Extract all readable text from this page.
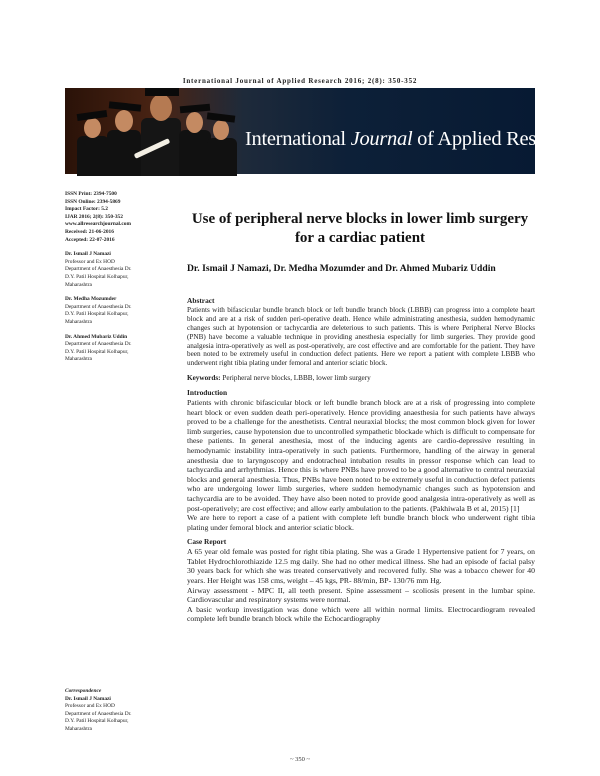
International Journal of Applied Research 2016; 2(8): 350-352
International Journal of Applied Research
ISSN Print: 2394-7500
ISSN Online: 2394-5869
Impact Factor: 5.2
IJAR 2016; 2(8): 350-352
www.allresearchjournal.com
Received: 21-06-2016
Accepted: 22-07-2016
Dr. Ismail J Namazi
Professor and Ex HOD
Department of Anaesthesia Dr.
D.Y. Patil Hospital Kolhapur,
Maharashtra
Dr. Medha Mozumder
Department of Anaesthesia Dr.
D.Y. Patil Hospital Kolhapur,
Maharashtra
Dr. Ahmed Mubariz Uddin
Department of Anaesthesia Dr.
D.Y. Patil Hospital Kolhapur,
Maharashtra
Correspondence
Dr. Ismail J Namazi
Professor and Ex HOD
Department of Anaesthesia Dr.
D.Y. Patil Hospital Kolhapur,
Maharashtra
Use of peripheral nerve blocks in lower limb surgery for a cardiac patient
Dr. Ismail J Namazi, Dr. Medha Mozumder and Dr. Ahmed Mubariz Uddin
Abstract

Patients with bifascicular bundle branch block or left bundle branch block (LBBB) can progress into a complete heart block and are at a risk of sudden peri-operative death. Hence while administrating anesthesia, sudden hemodynamic changes such at hypotension or tachycardia are deleterious to such patients. This is where Peripheral Nerve Blocks (PNB) have become a valuable technique in providing anesthesia especially for limb surgeries. They provide good analgesia intra-operatively as well as post-operatively, are cost effective and are comfortable for the patient. They have been noted to be extremely useful in conduction defect patients. Here we report a patient with complete LBBB who underwent right tibia plating under femoral and anterior sciatic block.

Keywords: Peripheral nerve blocks, LBBB, lower limb surgery

Introduction

Patients with chronic bifascicular block or left bundle branch block are at a risk of progressing into complete heart block or even sudden death peri-operatively. Hence providing anaesthesia for such patients have always proved to be a challenge for the anesthetists. Central neuraxial blocks; the most common block given for lower limb surgeries, cause hypotension due to uncontrolled sympathetic blockade which is difficult to compensate for these patients. In general anesthesia, most of the inducing agents are cardio-depressive resulting in hemodynamic instability intra-operatively in such patients. Furthermore, handling of the airway in general anesthesia due to laryngoscopy and endotracheal intubation results in pressor response which can lead to tachycardia and arrhythmias. Hence this is where PNBs have proved to be a good alternative to central neuraxial blocks and general anesthesia. Thus, PNBs have been noted to be extremely useful in conduction defect patients who are undergoing lower limb surgeries, where sudden hemodynamic changes such as hypotension and tachycardia are to be avoided. They have also been noted to provide good analgesia intra-operatively as well as post-operatively; are cost effective; and allow early ambulation to the patients. (Pakhiwala B et al, 2015) [1]

We are here to report a case of a patient with complete left bundle branch block who underwent right tibia plating under femoral block and anterior sciatic block.

Case Report

A 65 year old female was posted for right tibia plating. She was a Grade 1 Hypertensive patient for 7 years, on Tablet Hydrochlorothiazide 12.5 mg daily. She had no other medical illness. She had an episode of facial palsy 30 years back for which she was treated conservatively and recovered fully. She was a tobacco chewer for 40 years. Her Height was 158 cms, weight – 45 kgs, PR- 88/min, BP- 130/76 mm Hg.

Airway assessment - MPC II, all teeth present. Spine assessment – scoliosis present in the lumbar spine. Cardiovascular and respiratory systems were normal.

A basic workup investigation was done which were all within normal limits. Electrocardiogram revealed complete left bundle branch block while the Echocardiography

~ 350 ~
